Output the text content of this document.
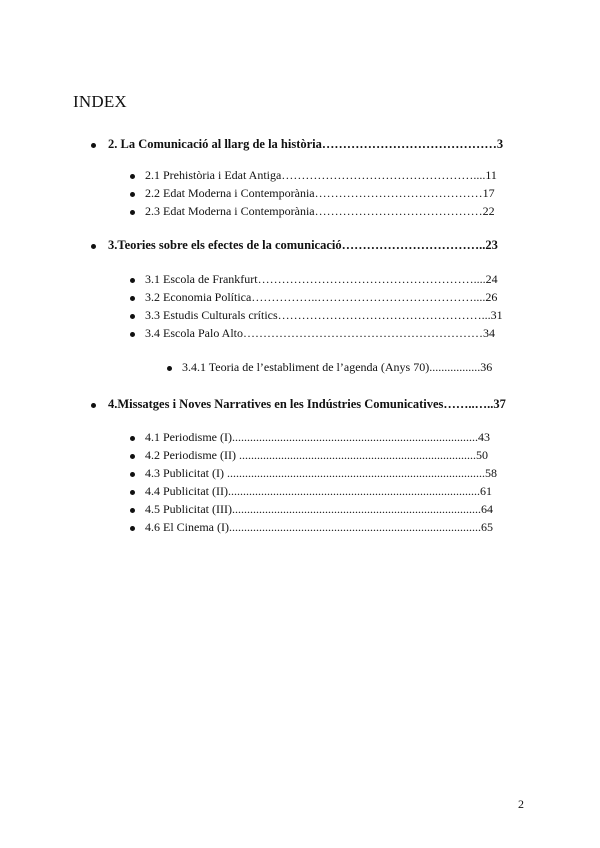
INDEX
2. La Comunicació al llarg de la història……………………………………3
2.1 Prehistòria i Edat Antiga…………………………………………....11
2.2 Edat Moderna i Contemporània……………………………………17
2.3 Edat Moderna i Contemporània……………………………………22
3.Teories sobre els efectes de la comunicació……………………………..23
3.1 Escola de Frankfurt………………………………………………....24
3.2 Economia Política……………..…………………………………....26
3.3 Estudis Culturals crítics……………………………………………...31
3.4 Escola Palo Alto……………………………………………………34
3.4.1 Teoria de l’establiment de l’agenda (Anys 70).................36
4.Missatges i Noves Narratives en les Indústries Comunicatives……..…..37
4.1 Periodisme (I)..................................................................................43
4.2 Periodisme (II) ...............................................................................50
4.3 Publicitat (I) ......................................................................................58
4.4 Publicitat (II)....................................................................................61
4.5 Publicitat (III)...................................................................................64
4.6 El Cinema (I)....................................................................................65
2
